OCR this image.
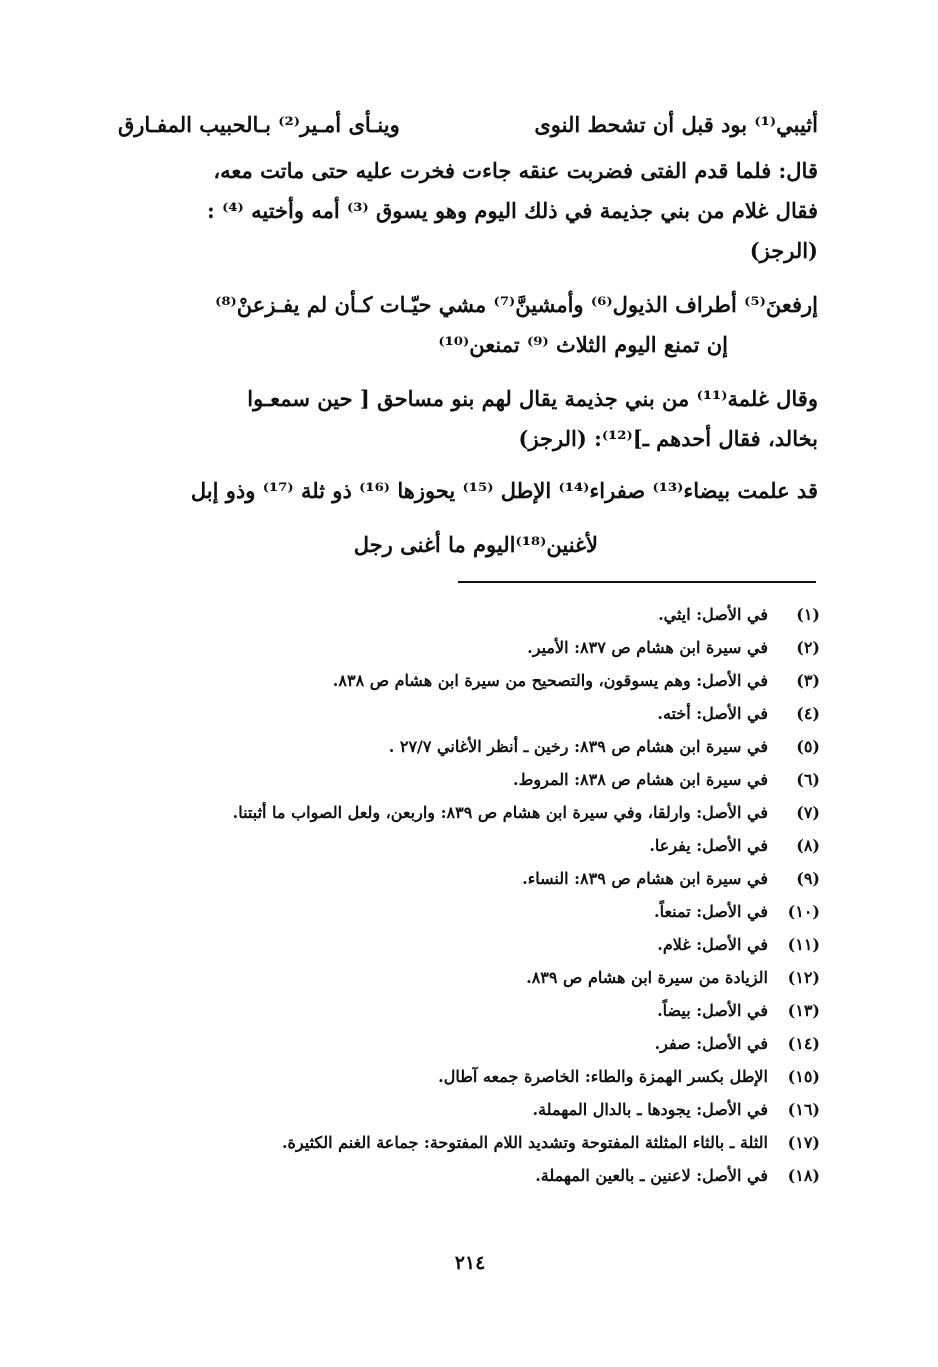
أثيبي⁽¹⁾ بود قبل أن تشحط النوى
وينـأى أمـير⁽²⁾ بـالحبيب المفـارق
قال: فلما قدم الفتى فضربت عنقه جاءت فخرت عليه حتى ماتت معه،
فقال غلام من بني جذيمة في ذلك اليوم وهو يسوق ⁽³⁾ أمه وأختيه ⁽⁴⁾ :
(الرجز)
إرفعنَ⁽⁵⁾ أطراف الذيول⁽⁶⁾ وأمشينَّ⁽⁷⁾ مشي حيّـات كـأن لم يفـزعنْ⁽⁸⁾
إن تمنع اليوم الثلاث ⁽⁹⁾ تمنعن⁽¹⁰⁾
وقال غلمة⁽¹¹⁾ من بني جذيمة يقال لهم بنو مساحق [ حين سمعـوا
بخالد، فقال أحدهم ـ]⁽¹²⁾: (الرجز)
قد علمت بيضاء⁽¹³⁾ صفراء⁽¹⁴⁾ الإطل ⁽¹⁵⁾ يحوزها ⁽¹⁶⁾ ذو ثلة ⁽¹⁷⁾ وذو إبل
لأغنين⁽¹⁸⁾اليوم ما أغنى رجل
(١)
في الأصل: ايثي.
(٢)
في سيرة ابن هشام ص ٨٣٧: الأمير.
(٣)
في الأصل: وهم يسوقون، والتصحيح من سيرة ابن هشام ص ٨٣٨.
(٤)
في الأصل: أخته.
(٥)
في سيرة ابن هشام ص ٨٣٩: رخين ـ أنظر الأغاني ٢٧/٧ .
(٦)
في سيرة ابن هشام ص ٨٣٨: المروط.
(٧)
في الأصل: وارلقا، وفي سيرة ابن هشام ص ٨٣٩: واربعن، ولعل الصواب ما أثبتنا.
(٨)
في الأصل: يفرعا.
(٩)
في سيرة ابن هشام ص ٨٣٩: النساء.
(١٠)
في الأصل: تمنعاً.
(١١)
في الأصل: غلام.
(١٢)
الزيادة من سيرة ابن هشام ص ٨٣٩.
(١٣)
في الأصل: بيضاً.
(١٤)
في الأصل: صفر.
(١٥)
الإطل بكسر الهمزة والطاء: الخاصرة جمعه آطال.
(١٦)
في الأصل: يجودها ـ بالدال المهملة.
(١٧)
الثلة ـ بالثاء المثلثة المفتوحة وتشديد اللام المفتوحة: جماعة الغنم الكثيرة.
(١٨)
في الأصل: لاعنين ـ بالعين المهملة.
٢١٤
